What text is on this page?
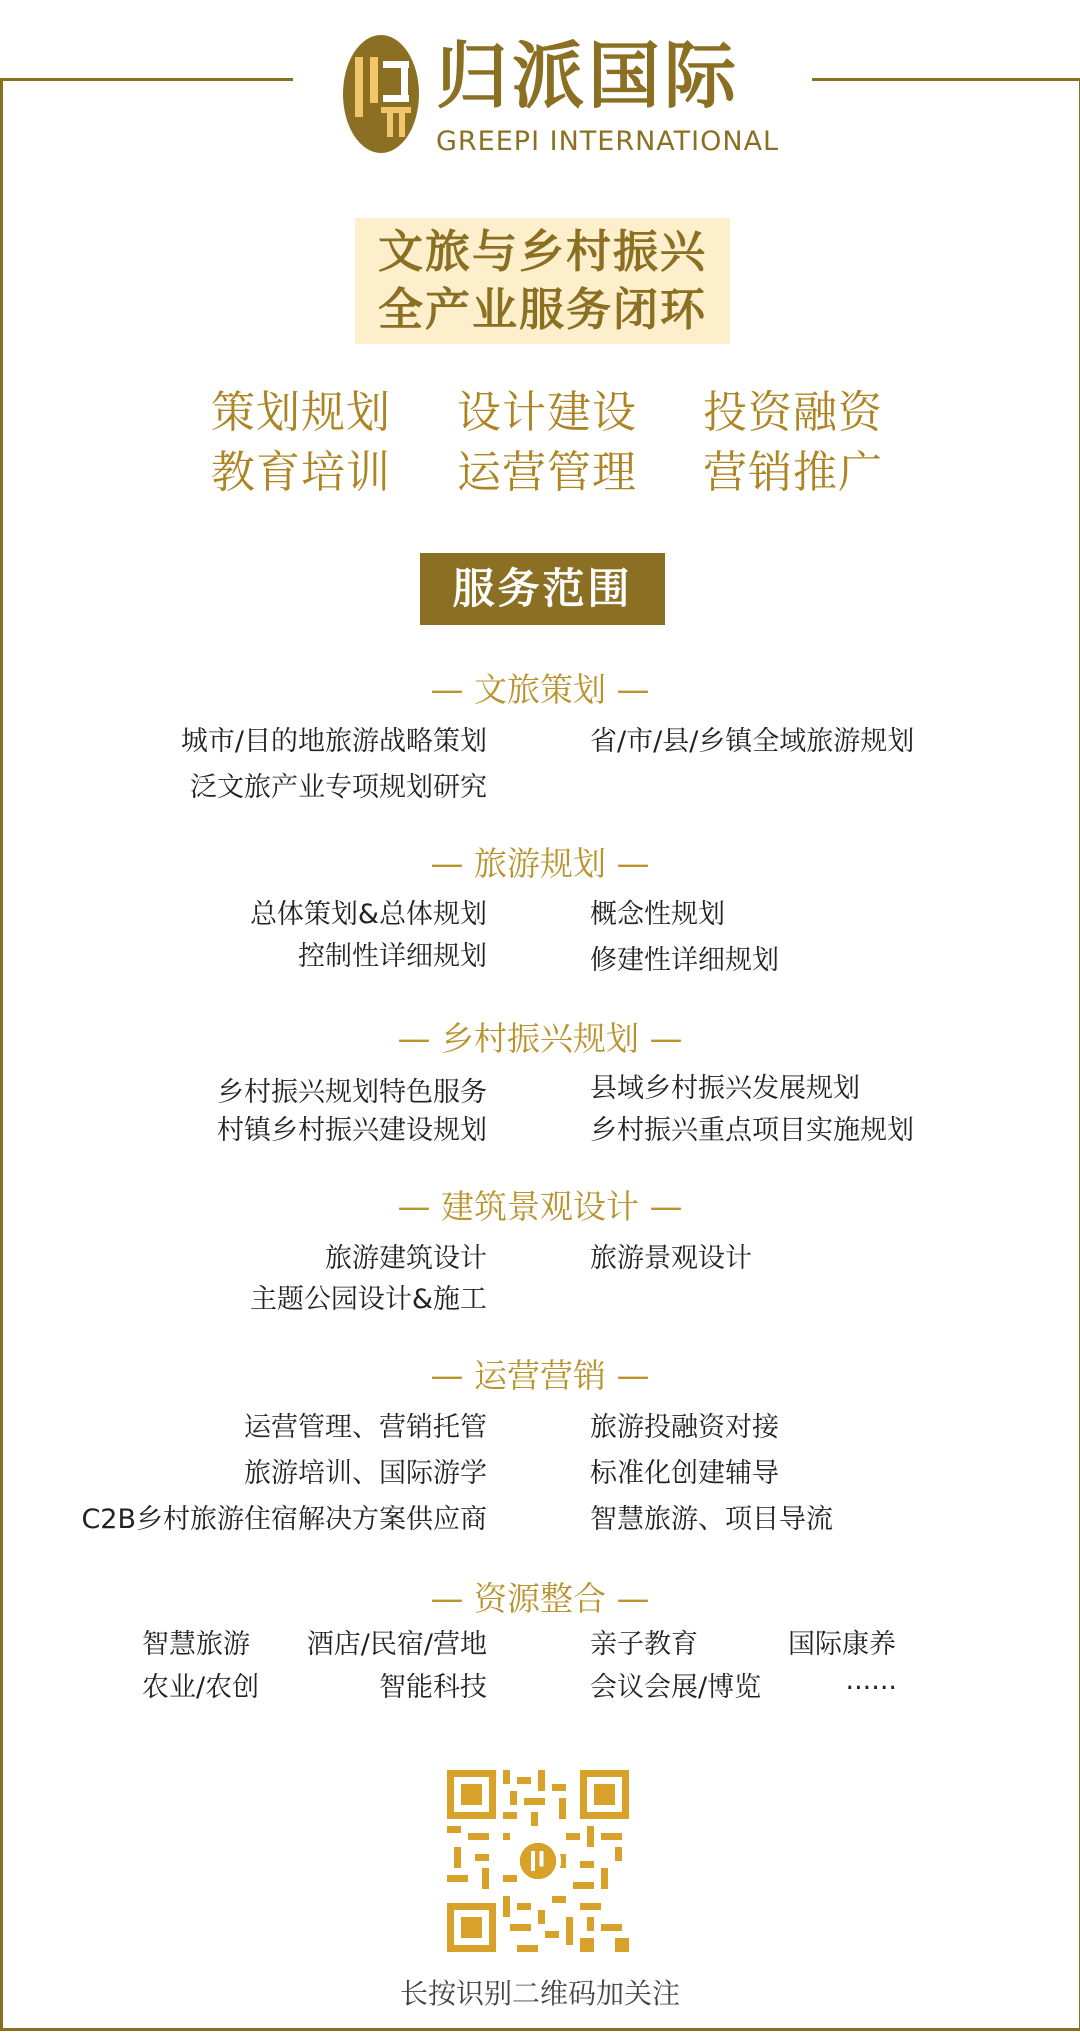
归派国际
GREEPI INTERNATIONAL
文旅与乡村振兴
全产业服务闭环
策划规划 设计建设 投资融资
教育培训 运营管理 营销推广
服务范围
— 文旅策划 —
城市/目的地旅游战略策划	省/市/县/乡镇全域旅游规划
泛文旅产业专项规划研究
— 旅游规划 —
总体策划&总体规划	概念性规划
控制性详细规划	修建性详细规划
— 乡村振兴规划 —
乡村振兴规划特色服务	县域乡村振兴发展规划
村镇乡村振兴建设规划	乡村振兴重点项目实施规划
— 建筑景观设计 —
旅游建筑设计	旅游景观设计
主题公园设计&施工
— 运营营销 —
运营管理、营销托管	旅游投融资对接
旅游培训、国际游学	标准化创建辅导
C2B乡村旅游住宿解决方案供应商	智慧旅游、项目导流
— 资源整合 —
智慧旅游 酒店/民宿/营地	亲子教育	国际康养
农业/农创	智能科技	会议会展/博览	......
长按识别二维码加关注
